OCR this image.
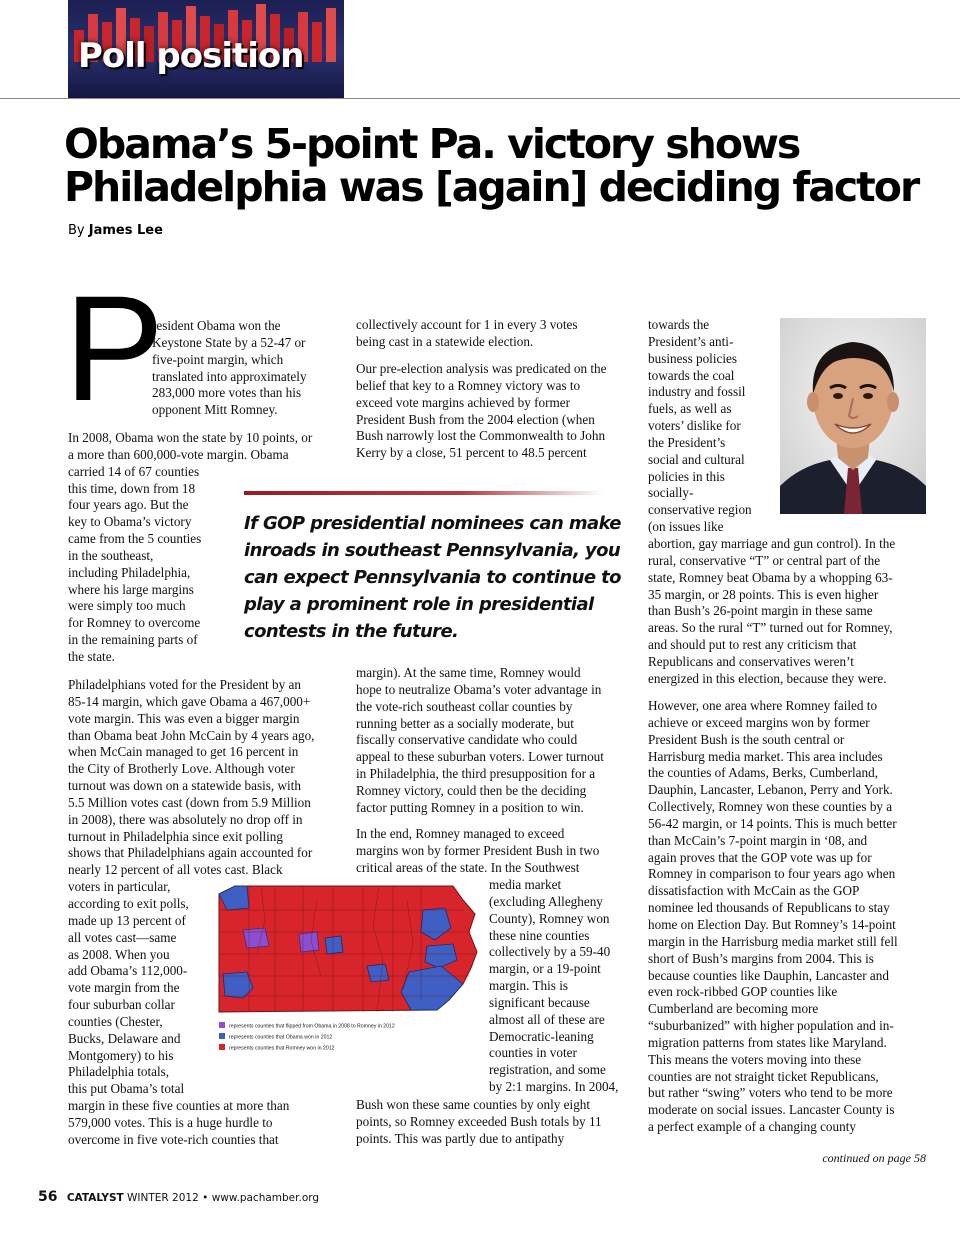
Poll position
Obama’s 5-point Pa. victory shows
Philadelphia was [again] deciding factor
By James Lee
P
resident Obama won the
Keystone State by a 52-47 or
five-point margin, which
translated into approximately
283,000 more votes than his
opponent Mitt Romney.
In 2008, Obama won the state by 10 points, or
a more than 600,000-vote margin. Obama
carried 14 of 67 counties
this time, down from 18
four years ago. But the
key to Obama’s victory
came from the 5 counties
in the southeast,
including Philadelphia,
where his large margins
were simply too much
for Romney to overcome
in the remaining parts of
the state.
Philadelphians voted for the President by an
85-14 margin, which gave Obama a 467,000+
vote margin. This was even a bigger margin
than Obama beat John McCain by 4 years ago,
when McCain managed to get 16 percent in
the City of Brotherly Love. Although voter
turnout was down on a statewide basis, with
5.5 Million votes cast (down from 5.9 Million
in 2008), there was absolutely no drop off in
turnout in Philadelphia since exit polling
shows that Philadelphians again accounted for
nearly 12 percent of all votes cast. Black
voters in particular,
according to exit polls,
made up 13 percent of
all votes cast—same
as 2008. When you
add Obama’s 112,000-
vote margin from the
four suburban collar
counties (Chester,
Bucks, Delaware and
Montgomery) to his
Philadelphia totals,
this put Obama’s total
margin in these five counties at more than
579,000 votes. This is a huge hurdle to
overcome in five vote-rich counties that
collectively account for 1 in every 3 votes
being cast in a statewide election.
Our pre-election analysis was predicated on the
belief that key to a Romney victory was to
exceed vote margins achieved by former
President Bush from the 2004 election (when
Bush narrowly lost the Commonwealth to John
Kerry by a close, 51 percent to 48.5 percent
margin). At the same time, Romney would
hope to neutralize Obama’s voter advantage in
the vote-rich southeast collar counties by
running better as a socially moderate, but
fiscally conservative candidate who could
appeal to these suburban voters. Lower turnout
in Philadelphia, the third presupposition for a
Romney victory, could then be the deciding
factor putting Romney in a position to win.
In the end, Romney managed to exceed
margins won by former President Bush in two
critical areas of the state. In the Southwest
media market
(excluding Allegheny
County), Romney won
these nine counties
collectively by a 59-40
margin, or a 19-point
margin. This is
significant because
almost all of these are
Democratic-leaning
counties in voter
registration, and some
by 2:1 margins. In 2004,
Bush won these same counties by only eight
points, so Romney exceeded Bush totals by 11
points. This was partly due to antipathy
towards the
President’s anti-
business policies
towards the coal
industry and fossil
fuels, as well as
voters’ dislike for
the President’s
social and cultural
policies in this
socially-
conservative region
(on issues like
abortion, gay marriage and gun control). In the
rural, conservative “T” or central part of the
state, Romney beat Obama by a whopping 63-
35 margin, or 28 points. This is even higher
than Bush’s 26-point margin in these same
areas. So the rural “T” turned out for Romney,
and should put to rest any criticism that
Republicans and conservatives weren’t
energized in this election, because they were.
However, one area where Romney failed to
achieve or exceed margins won by former
President Bush is the south central or
Harrisburg media market. This area includes
the counties of Adams, Berks, Cumberland,
Dauphin, Lancaster, Lebanon, Perry and York.
Collectively, Romney won these counties by a
56-42 margin, or 14 points. This is much better
than McCain’s 7-point margin in ‘08, and
again proves that the GOP vote was up for
Romney in comparison to four years ago when
dissatisfaction with McCain as the GOP
nominee led thousands of Republicans to stay
home on Election Day. But Romney’s 14-point
margin in the Harrisburg media market still fell
short of Bush’s margins from 2004. This is
because counties like Dauphin, Lancaster and
even rock-ribbed GOP counties like
Cumberland are becoming more
“suburbanized” with higher population and in-
migration patterns from states like Maryland.
This means the voters moving into these
counties are not straight ticket Republicans,
but rather “swing” voters who tend to be more
moderate on social issues. Lancaster County is
a perfect example of a changing county
continued on page 58
If GOP presidential nominees can make
inroads in southeast Pennsylvania, you
can expect Pennsylvania to continue to
play a prominent role in presidential
contests in the future.
represents counties that flipped from Obama in 2008 to Romney in 2012
represents counties that Obama won in 2012
represents counties that Romney won in 2012
56 CATALYST WINTER 2012 • www.pachamber.org
